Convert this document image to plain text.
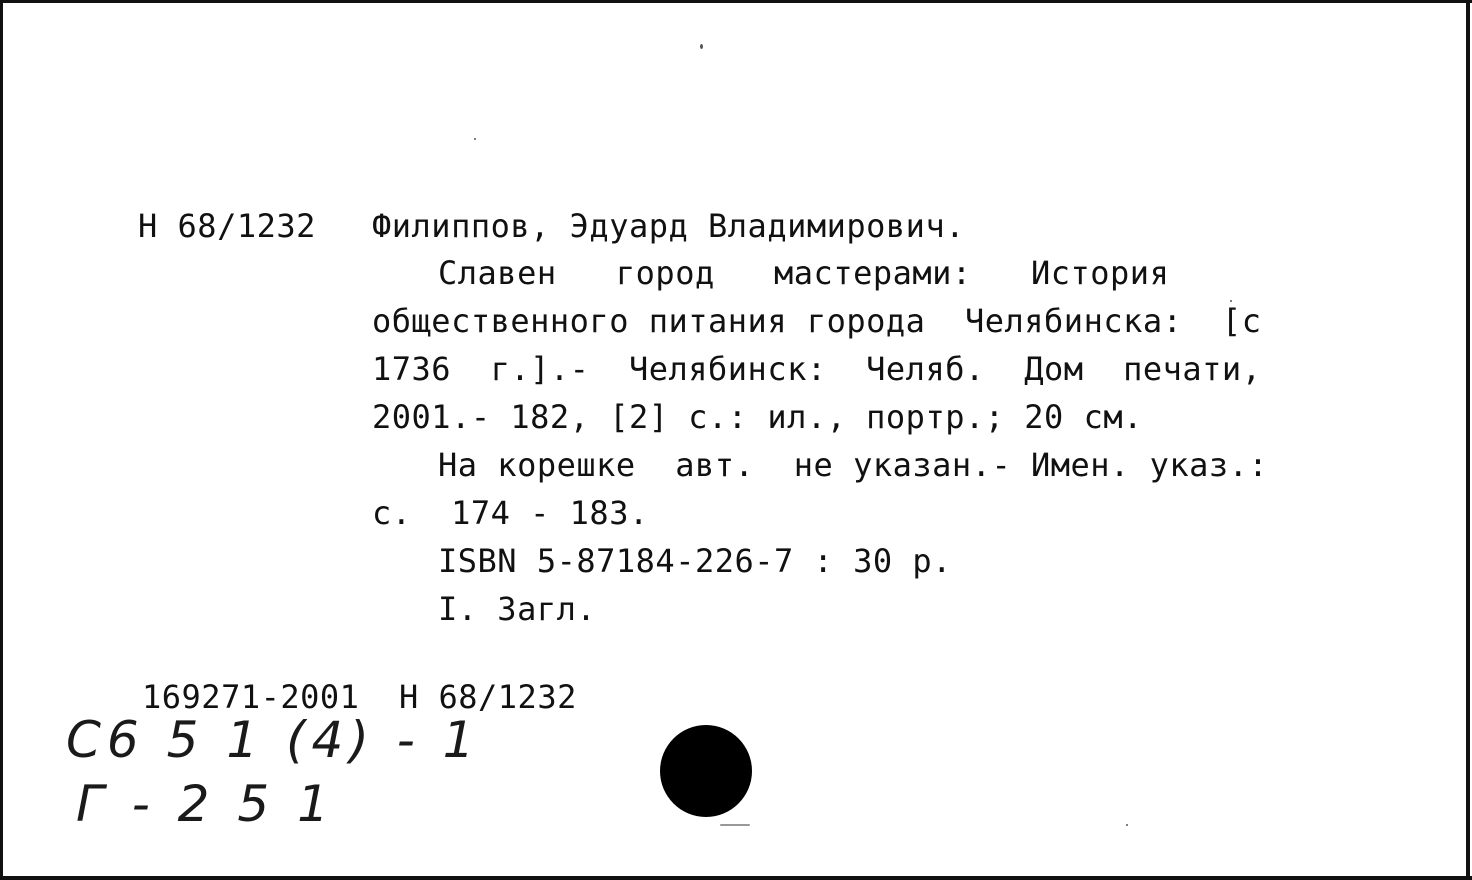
Н 68/1232 Филиппов, Эдуард Владимирович.
Славен   город   мастерами:   История
общественного питания города  Челябинска:  [с
1736  г.].-  Челябинск:  Челяб.  Дом  печати,
2001.- 182, [2] с.: ил., портр.; 20 см.
На корешке  авт.  не указан.- Имен. указ.:
с.  174 - 183.
ISBN 5-87184-226-7 : 30 р.
I. Загл.
169271-2001  Н 68/1232
С6 5 1 (4) - 1
Г - 2 5 1
